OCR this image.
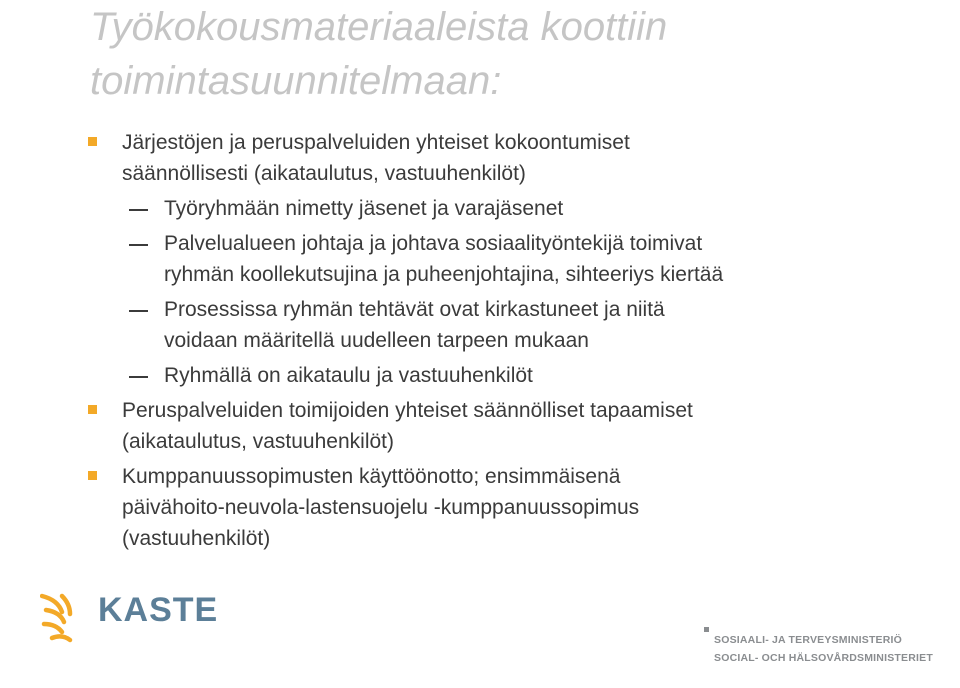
Työkokousmateriaaleista koottiin
toimintasuunnitelmaan:
Järjestöjen ja peruspalveluiden yhteiset kokoontumiset
säännöllisesti (aikataulutus, vastuuhenkilöt)
Työryhmään nimetty jäsenet ja varajäsenet
Palvelualueen johtaja ja johtava sosiaalityöntekijä toimivat
ryhmän koollekutsujina ja puheenjohtajina, sihteeriys kiertää
Prosessissa ryhmän tehtävät ovat kirkastuneet ja niitä
voidaan määritellä uudelleen tarpeen mukaan
Ryhmällä on aikataulu ja vastuuhenkilöt
Peruspalveluiden toimijoiden yhteiset säännölliset tapaamiset
(aikataulutus, vastuuhenkilöt)
Kumppanuussopimusten käyttöönotto; ensimmäisenä
päivähoito-neuvola-lastensuojelu -kumppanuussopimus
(vastuuhenkilöt)
KASTE
SOSIAALI- JA TERVEYSMINISTERIÖ
SOCIAL- OCH HÄLSOVÅRDSMINISTERIET
